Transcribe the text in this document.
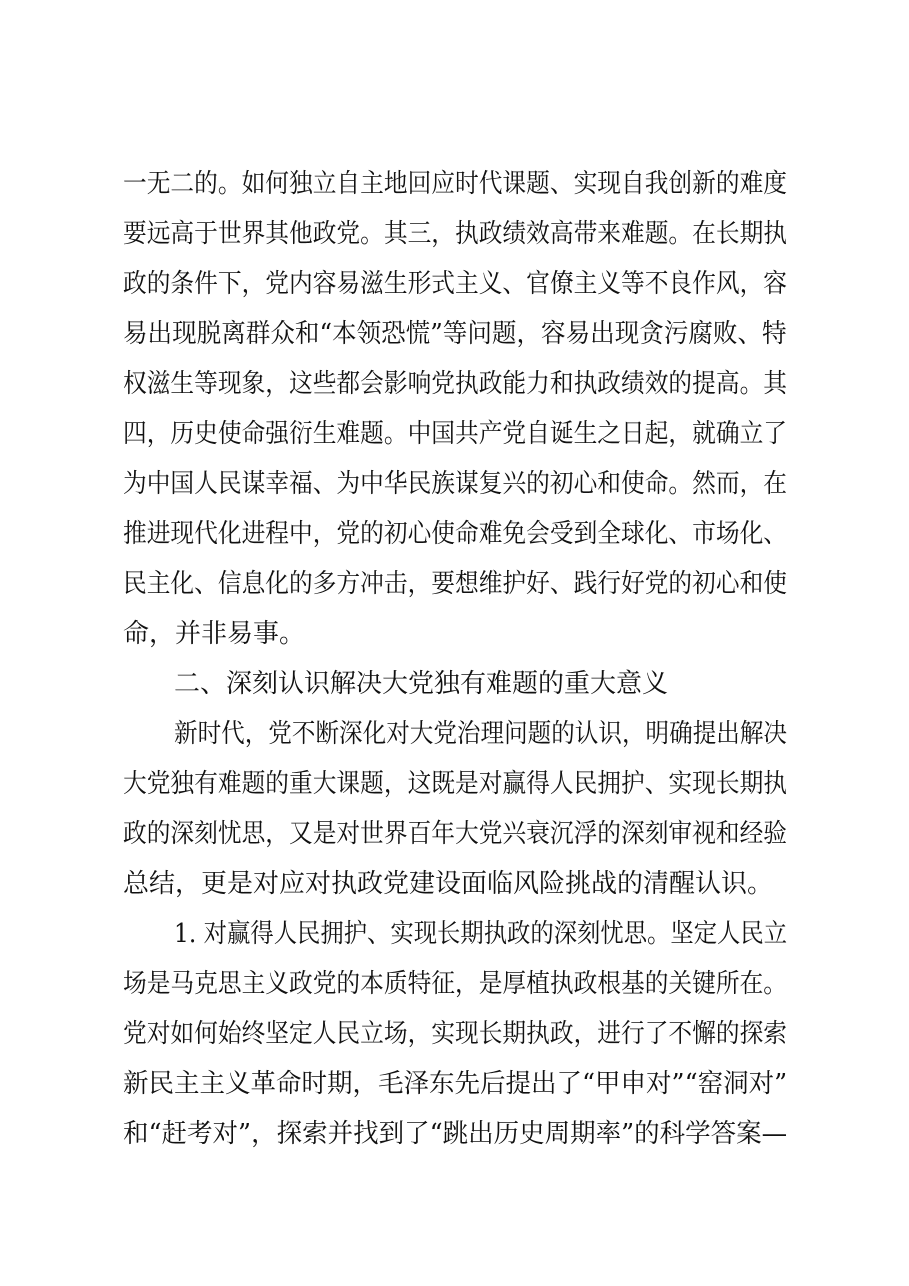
一无二的。如何独立自主地回应时代课题、实现自我创新的难度
要远高于世界其他政党。其三，执政绩效高带来难题。在长期执
政的条件下，党内容易滋生形式主义、官僚主义等不良作风，容
易出现脱离群众和“本领恐慌”等问题，容易出现贪污腐败、特
权滋生等现象，这些都会影响党执政能力和执政绩效的提高。其
四，历史使命强衍生难题。中国共产党自诞生之日起，就确立了
为中国人民谋幸福、为中华民族谋复兴的初心和使命。然而，在
推进现代化进程中，党的初心使命难免会受到全球化、市场化、
民主化、信息化的多方冲击，要想维护好、践行好党的初心和使
命，并非易事。
二、深刻认识解决大党独有难题的重大意义
新时代，党不断深化对大党治理问题的认识，明确提出解决
大党独有难题的重大课题，这既是对赢得人民拥护、实现长期执
政的深刻忧思，又是对世界百年大党兴衰沉浮的深刻审视和经验
总结，更是对应对执政党建设面临风险挑战的清醒认识。
1. 对赢得人民拥护、实现长期执政的深刻忧思。坚定人民立
场是马克思主义政党的本质特征，是厚植执政根基的关键所在。
党对如何始终坚定人民立场，实现长期执政，进行了不懈的探索
新民主主义革命时期，毛泽东先后提出了“甲申对”“窑洞对”
和“赶考对”，探索并找到了“跳出历史周期率”的科学答案—
